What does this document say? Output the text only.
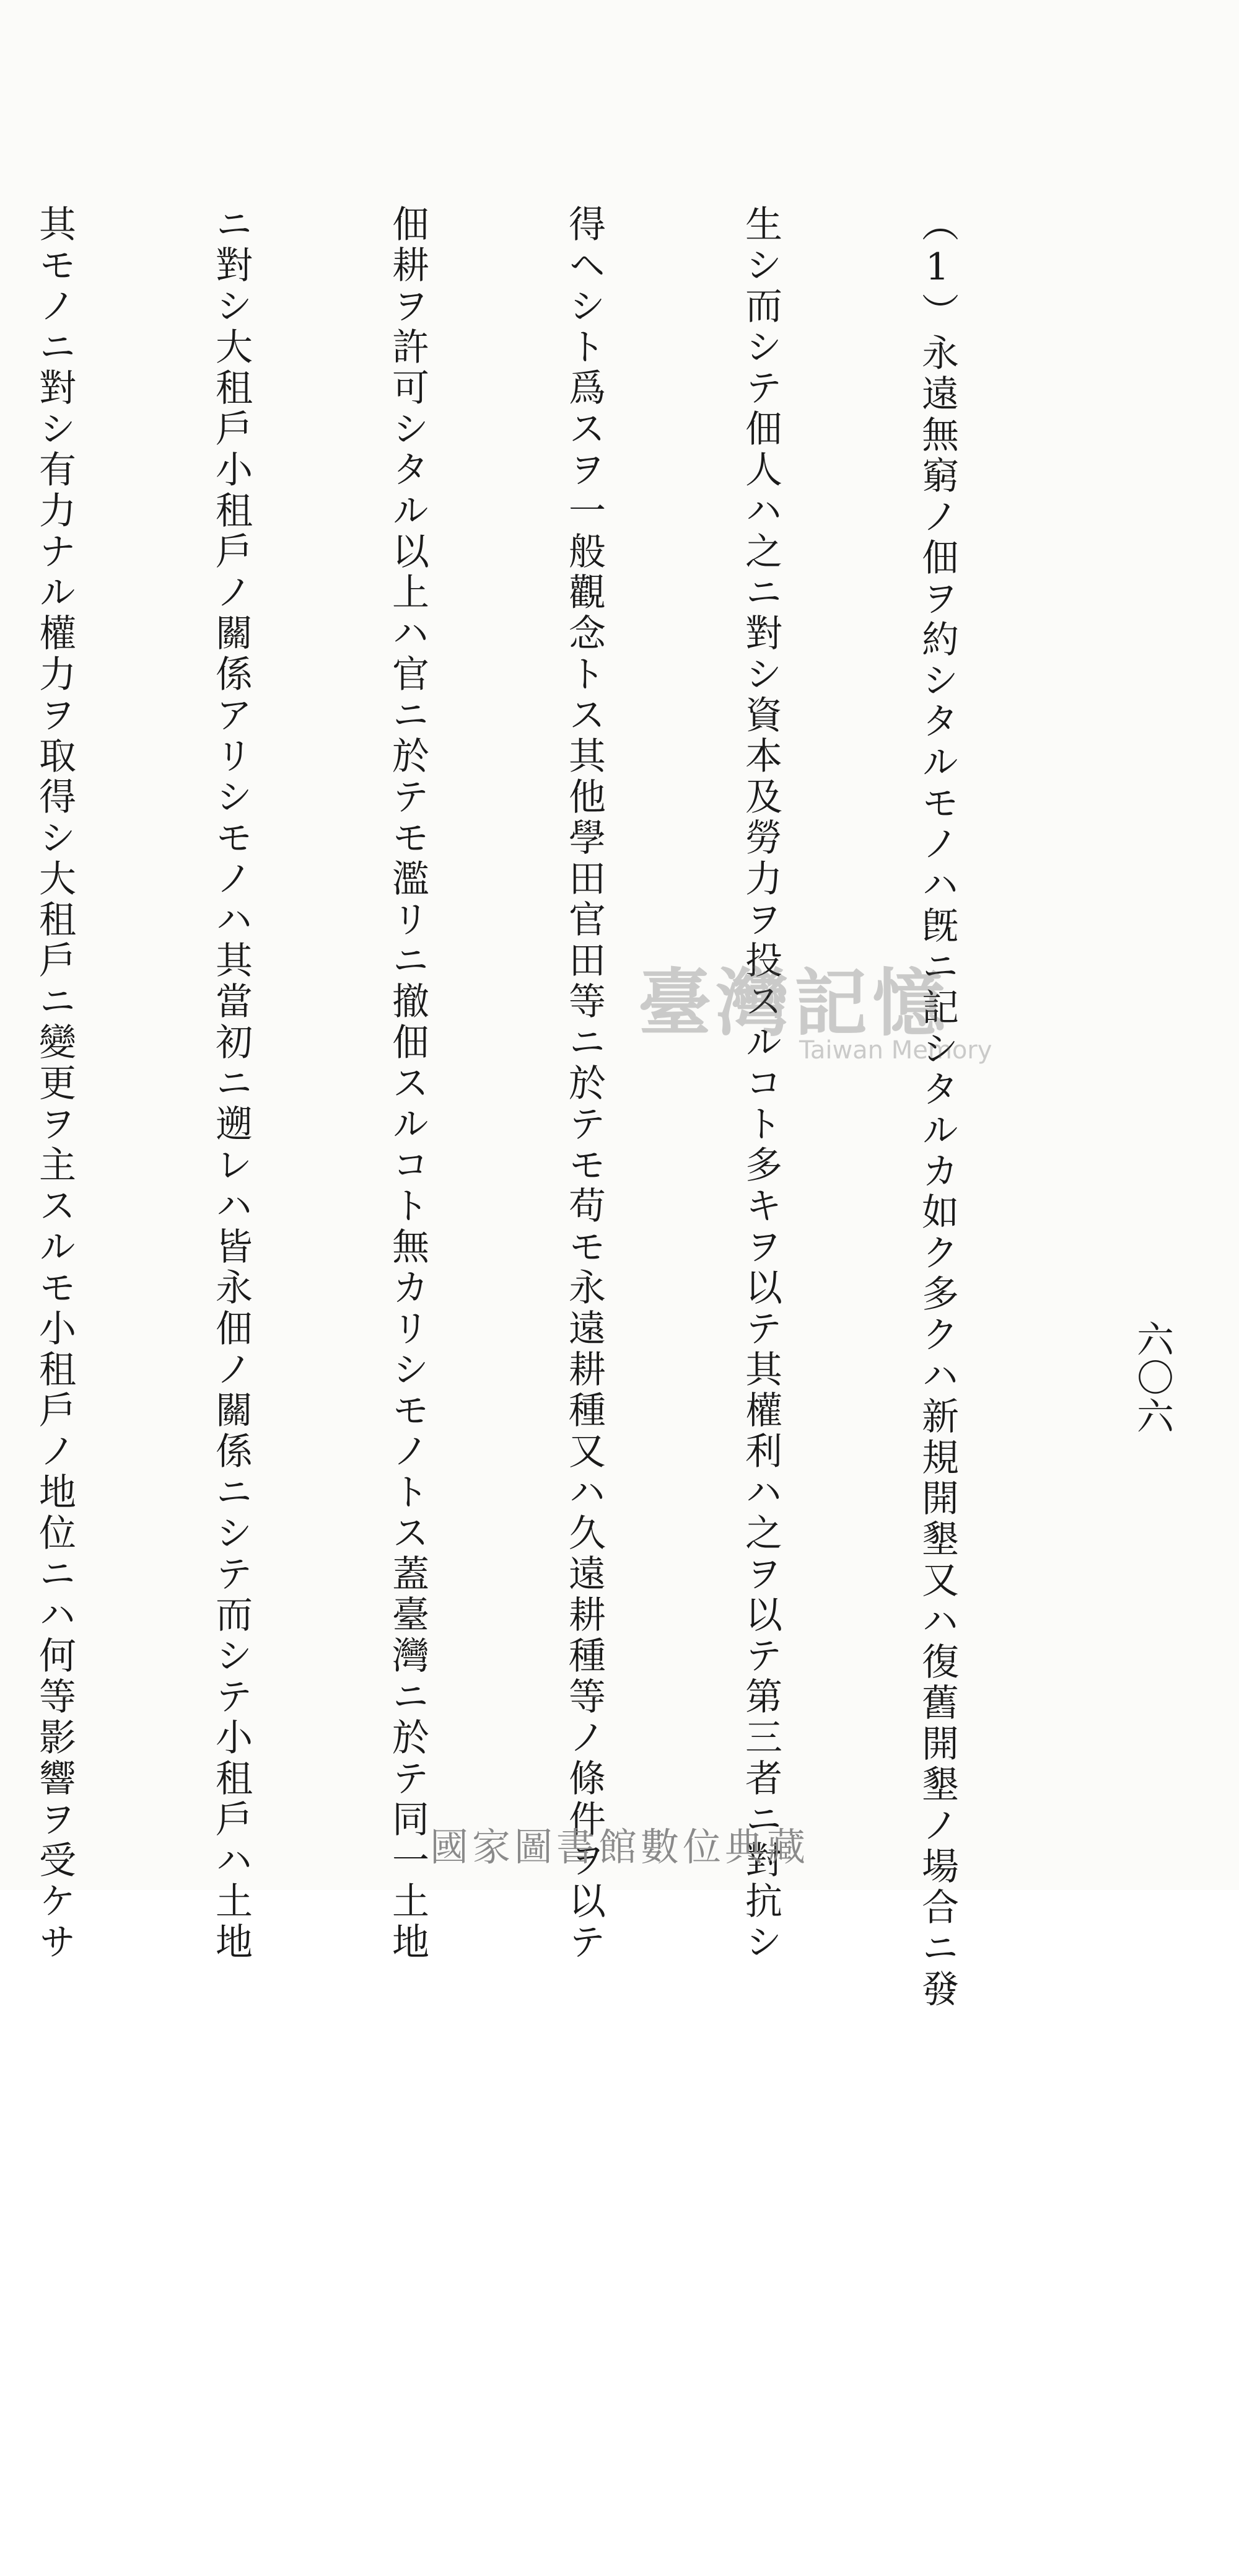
六〇六

（1）永遠無窮ノ佃ヲ約シタルモノハ旣ニ記シタルカ如ク多クハ新規開墾又ハ復舊開墾ノ場合ニ發

生シ而シテ佃人ハ之ニ對シ資本及勞力ヲ投スルコト多キヲ以テ其權利ハ之ヲ以テ第三者ニ對抗シ

得ヘシト爲スヲ一般觀念トス其他學田官田等ニ於テモ苟モ永遠耕種又ハ久遠耕種等ノ條件ヲ以テ

佃耕ヲ許可シタル以上ハ官ニ於テモ濫リニ撤佃スルコト無カリシモノトス蓋臺灣ニ於テ同一土地

ニ對シ大租戶小租戶ノ關係アリシモノハ其當初ニ遡レハ皆永佃ノ關係ニシテ而シテ小租戶ハ土地

其モノニ對シ有力ナル權力ヲ取得シ大租戶ニ變更ヲ主スルモ小租戶ノ地位ニハ何等影響ヲ受ケサ

	臺灣記憶
Taiwan Memory
國家圖書館數位典藏
